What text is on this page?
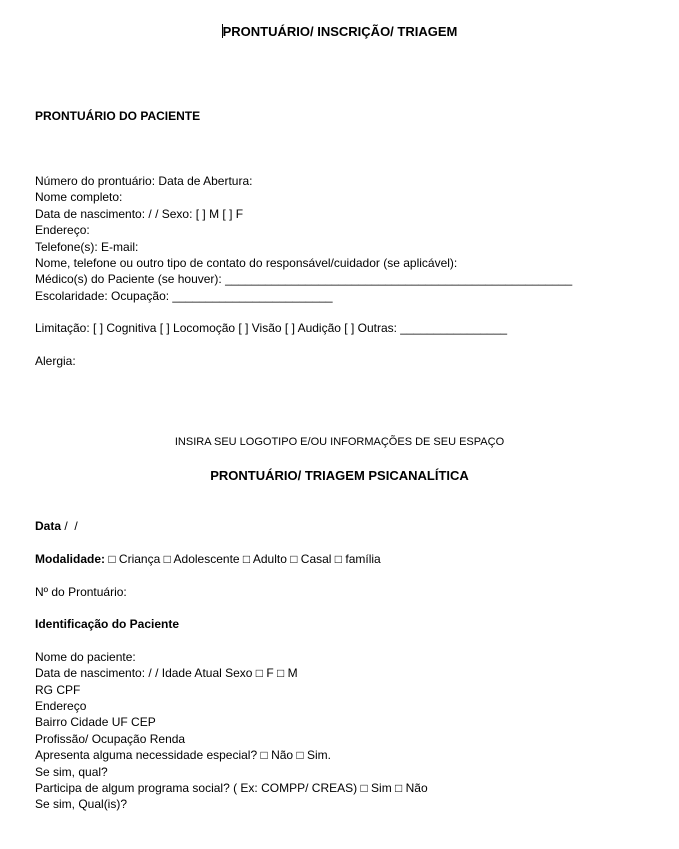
PRONTUÁRIO/ INSCRIÇÃO/ TRIAGEM
PRONTUÁRIO DO PACIENTE
Número do prontuário: Data de Abertura:
Nome completo:
Data de nascimento: / / Sexo: [ ] M [ ] F
Endereço:
Telefone(s): E-mail:
Nome, telefone ou outro tipo de contato do responsável/cuidador (se aplicável):
Médico(s) do Paciente (se houver): ____________________________________________________
Escolaridade: Ocupação: ________________________
Limitação: [ ] Cognitiva [ ] Locomoção [ ] Visão [ ] Audição [ ] Outras: ________________
Alergia:
INSIRA SEU LOGOTIPO E/OU INFORMAÇÕES DE SEU ESPAÇO
PRONTUÁRIO/ TRIAGEM PSICANALÍTICA
Data /  /
Modalidade: □ Criança □ Adolescente □ Adulto □ Casal □ família
Nº do Prontuário:
Identificação do Paciente
Nome do paciente:
Data de nascimento: / / Idade Atual Sexo □ F □ M
RG CPF
Endereço
Bairro Cidade UF CEP
Profissão/ Ocupação Renda
Apresenta alguma necessidade especial? □ Não □ Sim.
Se sim, qual?
Participa de algum programa social? ( Ex: COMPP/ CREAS) □ Sim □ Não
Se sim, Qual(is)?
